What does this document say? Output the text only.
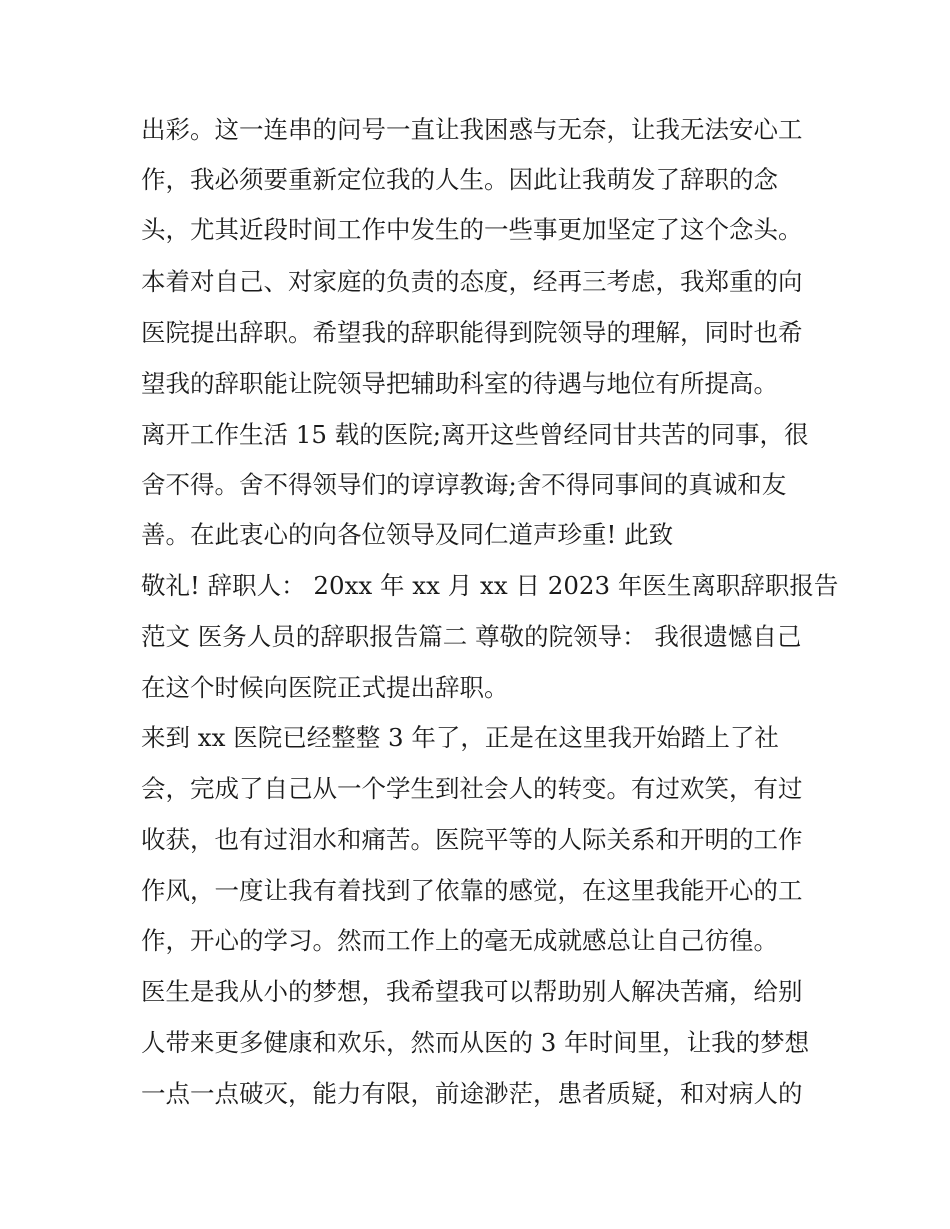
出彩。这一连串的问号一直让我困惑与无奈，让我无法安心工
作，我必须要重新定位我的人生。因此让我萌发了辞职的念
头，尤其近段时间工作中发生的一些事更加坚定了这个念头。
本着对自己、对家庭的负责的态度，经再三考虑，我郑重的向
医院提出辞职。希望我的辞职能得到院领导的理解，同时也希
望我的辞职能让院领导把辅助科室的待遇与地位有所提高。
离开工作生活 15 载的医院;离开这些曾经同甘共苦的同事，很
舍不得。舍不得领导们的谆谆教诲;舍不得同事间的真诚和友
善。在此衷心的向各位领导及同仁道声珍重! 此致
敬礼! 辞职人： 20xx 年 xx 月 xx 日 2023 年医生离职辞职报告
范文 医务人员的辞职报告篇二 尊敬的院领导： 我很遗憾自己
在这个时候向医院正式提出辞职。
来到 xx 医院已经整整 3 年了，正是在这里我开始踏上了社
会，完成了自己从一个学生到社会人的转变。有过欢笑，有过
收获，也有过泪水和痛苦。医院平等的人际关系和开明的工作
作风，一度让我有着找到了依靠的感觉，在这里我能开心的工
作，开心的学习。然而工作上的毫无成就感总让自己彷徨。
医生是我从小的梦想，我希望我可以帮助别人解决苦痛，给别
人带来更多健康和欢乐，然而从医的 3 年时间里，让我的梦想
一点一点破灭，能力有限，前途渺茫，患者质疑，和对病人的
